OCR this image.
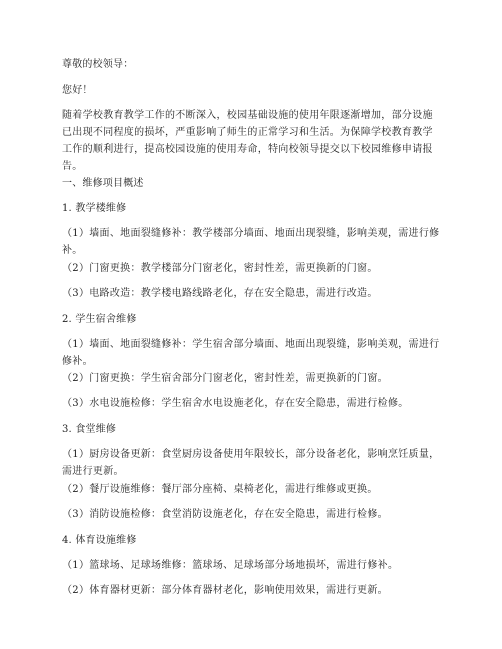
尊敬的校领导：
您好！
随着学校教育教学工作的不断深入，校园基础设施的使用年限逐渐增加，部分设施已出现不同程度的损坏，严重影响了师生的正常学习和生活。为保障学校教育教学工作的顺利进行，提高校园设施的使用寿命，特向校领导提交以下校园维修申请报告。
一、维修项目概述
1. 教学楼维修
（1）墙面、地面裂缝修补：教学楼部分墙面、地面出现裂缝，影响美观，需进行修补。
（2）门窗更换：教学楼部分门窗老化，密封性差，需更换新的门窗。
（3）电路改造：教学楼电路线路老化，存在安全隐患，需进行改造。
2. 学生宿舍维修
（1）墙面、地面裂缝修补：学生宿舍部分墙面、地面出现裂缝，影响美观，需进行修补。
（2）门窗更换：学生宿舍部分门窗老化，密封性差，需更换新的门窗。
（3）水电设施检修：学生宿舍水电设施老化，存在安全隐患，需进行检修。
3. 食堂维修
（1）厨房设备更新：食堂厨房设备使用年限较长，部分设备老化，影响烹饪质量，需进行更新。
（2）餐厅设施维修：餐厅部分座椅、桌椅老化，需进行维修或更换。
（3）消防设施检修：食堂消防设施老化，存在安全隐患，需进行检修。
4. 体育设施维修
（1）篮球场、足球场维修：篮球场、足球场部分场地损坏，需进行修补。
（2）体育器材更新：部分体育器材老化，影响使用效果，需进行更新。
